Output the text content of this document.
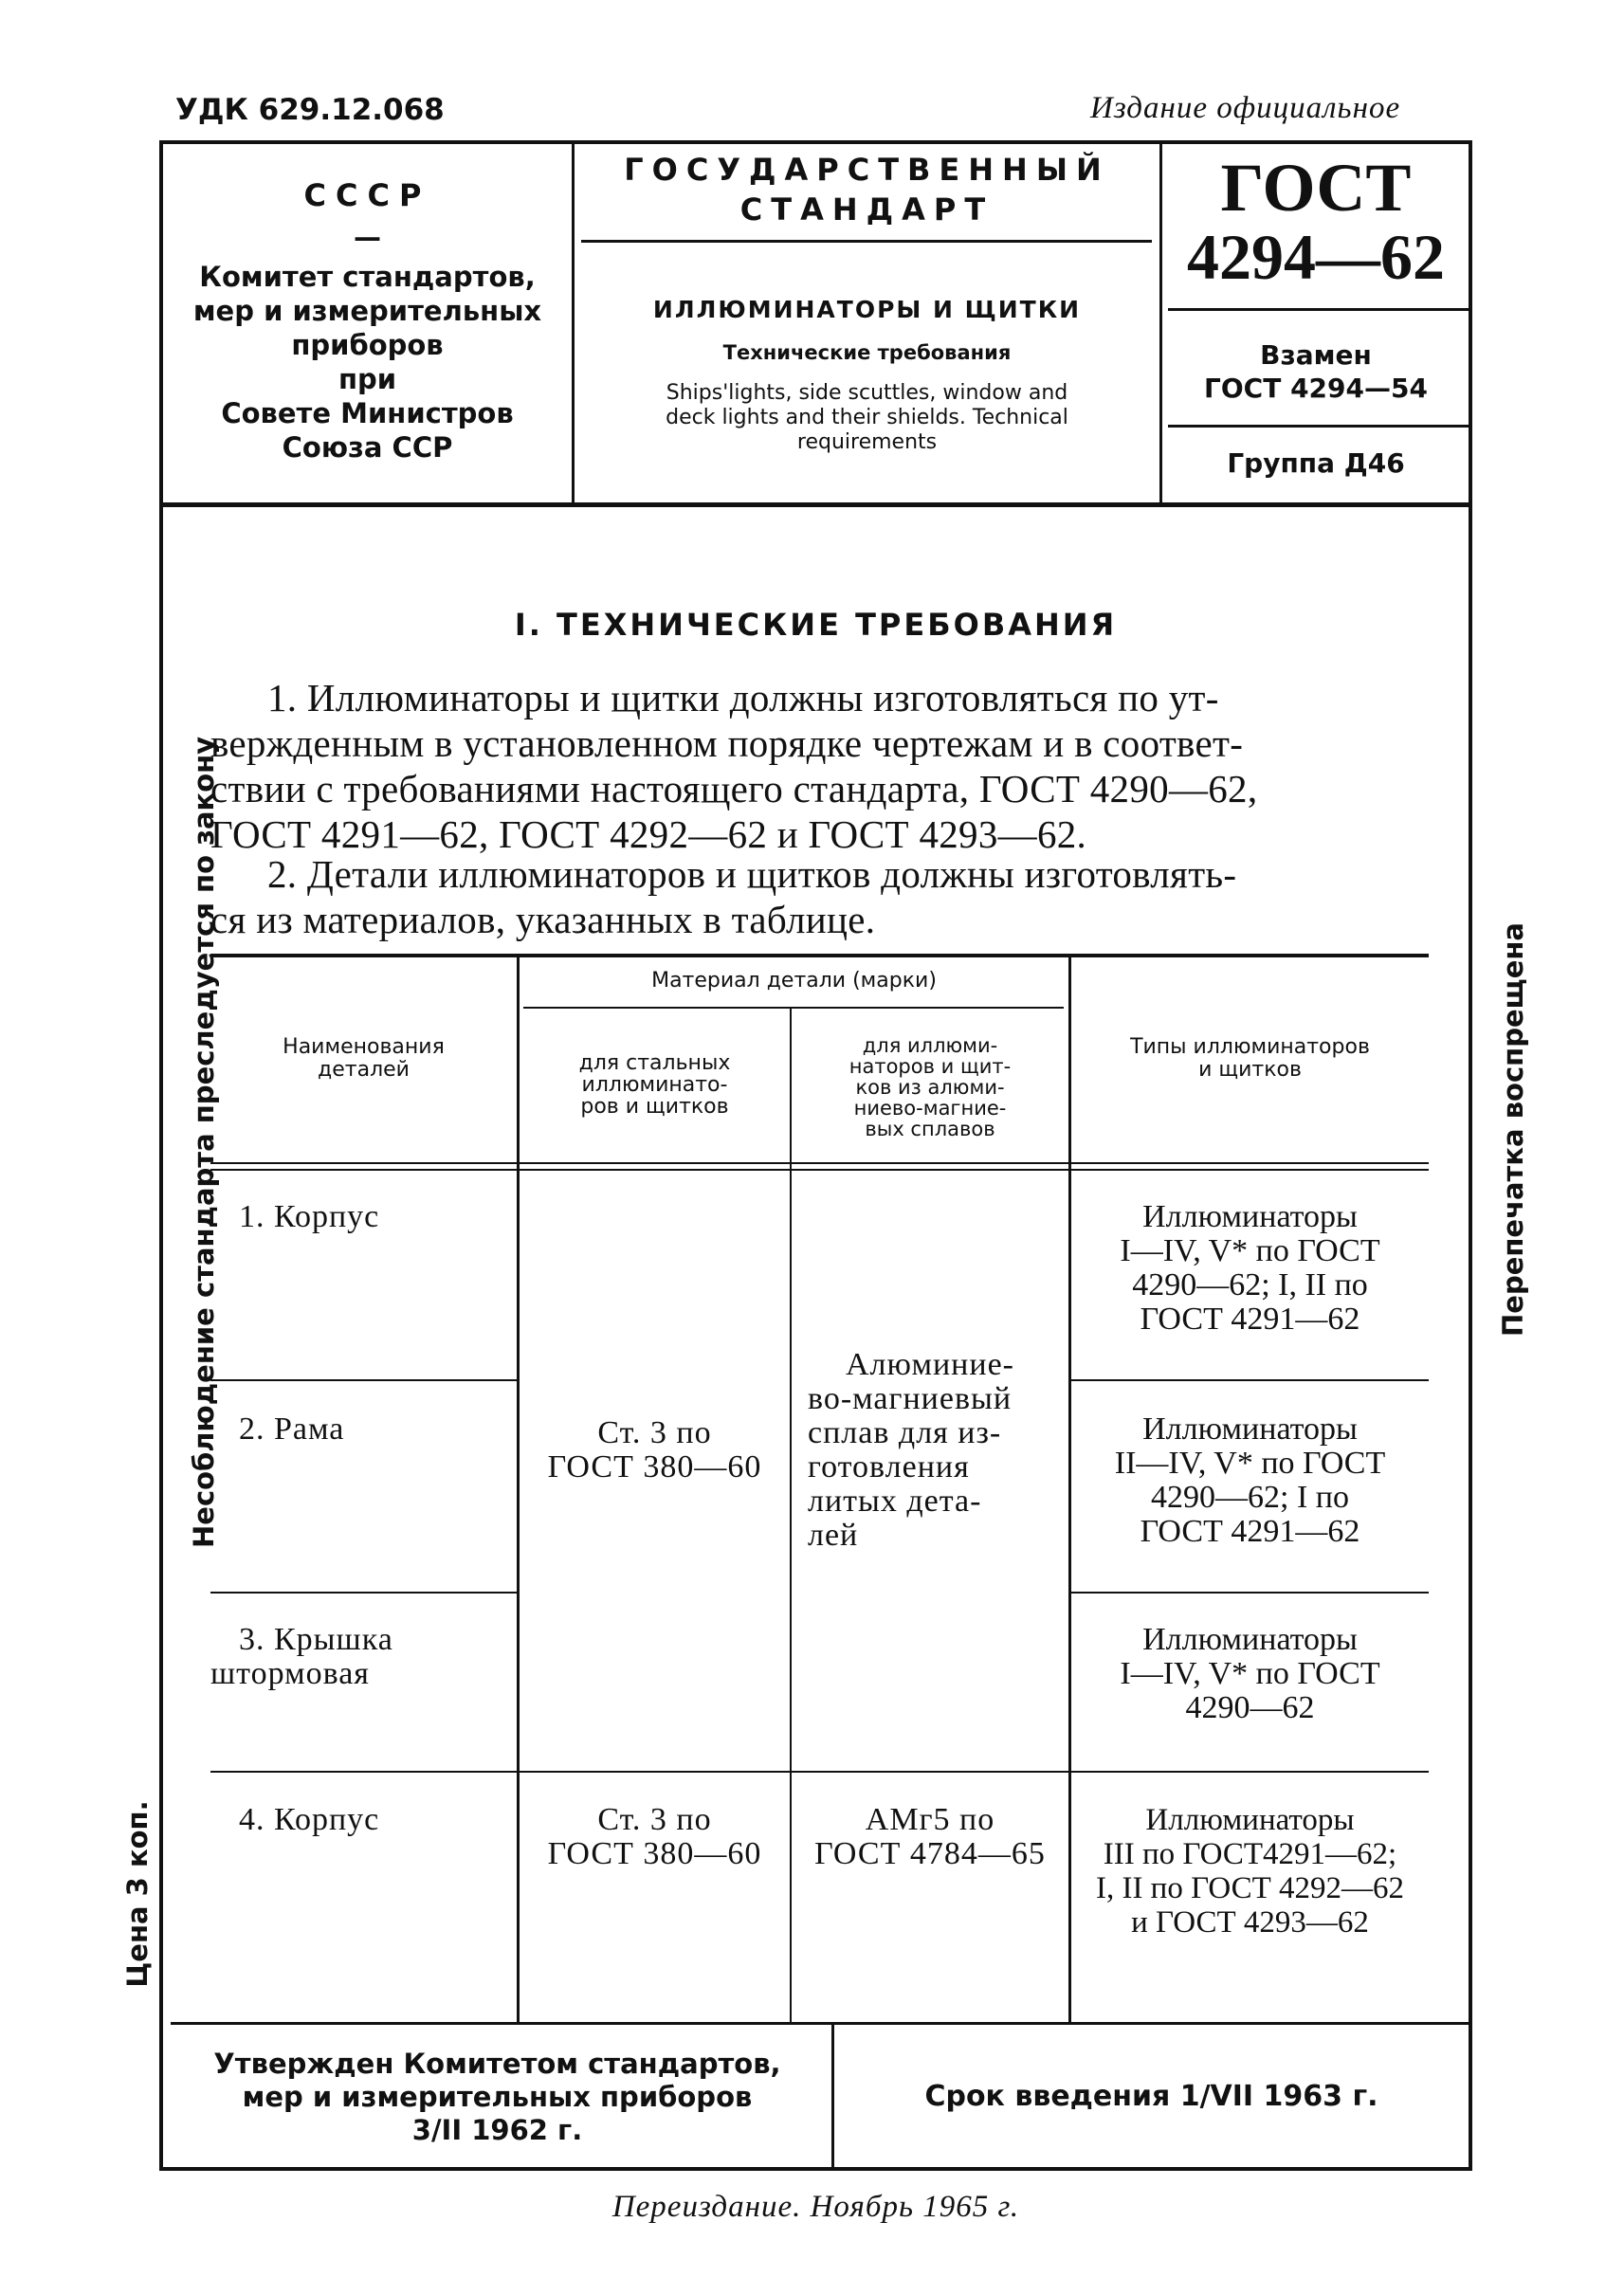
УДК 629.12.068	Издание официальное
СССР
—
Комитет стандартов,
мер и измерительных
приборов
при
Совете Министров
Союза ССР
ГОСУДАРСТВЕННЫЙ
СТАНДАРТ
ИЛЛЮМИНАТОРЫ И ЩИТКИ
Технические требования
Ships'lights, side scuttles, window and
deck lights and their shields. Technical
requirements
ГОСТ
4294—62
Взамен
ГОСТ 4294—54
Группа Д46
I. ТЕХНИЧЕСКИЕ ТРЕБОВАНИЯ
1. Иллюминаторы и щитки должны изготовляться по ут-
вержденным в установленном порядке чертежам и в соответ-
ствии с требованиями настоящего стандарта, ГОСТ 4290—62,
ГОСТ 4291—62, ГОСТ 4292—62 и ГОСТ 4293—62.
2. Детали иллюминаторов и щитков должны изготовлять-
ся из материалов, указанных в таблице.
Наименования
деталей
Материал детали (марки)
для стальных
иллюминато-
ров и щитков
для иллюми-
наторов и щит-
ков из алюми-
ниево-магние-
вых сплавов
Типы иллюминаторов
и щитков
1. Корпус
2. Рама
3. Крышка
штормовая
4. Корпус
Ст. 3 по
ГОСТ 380—60
Алюминие-
во-магниевый
сплав для из-
готовления
литых дета-
лей
Ст. 3 по
ГОСТ 380—60
АМг5 по
ГОСТ 4784—65
Иллюминаторы
I—IV, V* по ГОСТ
4290—62; I, II по
ГОСТ 4291—62
Иллюминаторы
II—IV, V* по ГОСТ
4290—62; I по
ГОСТ 4291—62
Иллюминаторы
I—IV, V* по ГОСТ
4290—62
Иллюминаторы
III по ГОСТ4291—62;
I, II по ГОСТ 4292—62
и ГОСТ 4293—62
Утвержден Комитетом стандартов,
мер и измерительных приборов
3/II 1962 г.
Срок введения 1/VII 1963 г.
Переиздание. Ноябрь 1965 г.
Несоблюдение стандарта преследуется по закону
Цена 3 коп.
Перепечатка воспрещена
